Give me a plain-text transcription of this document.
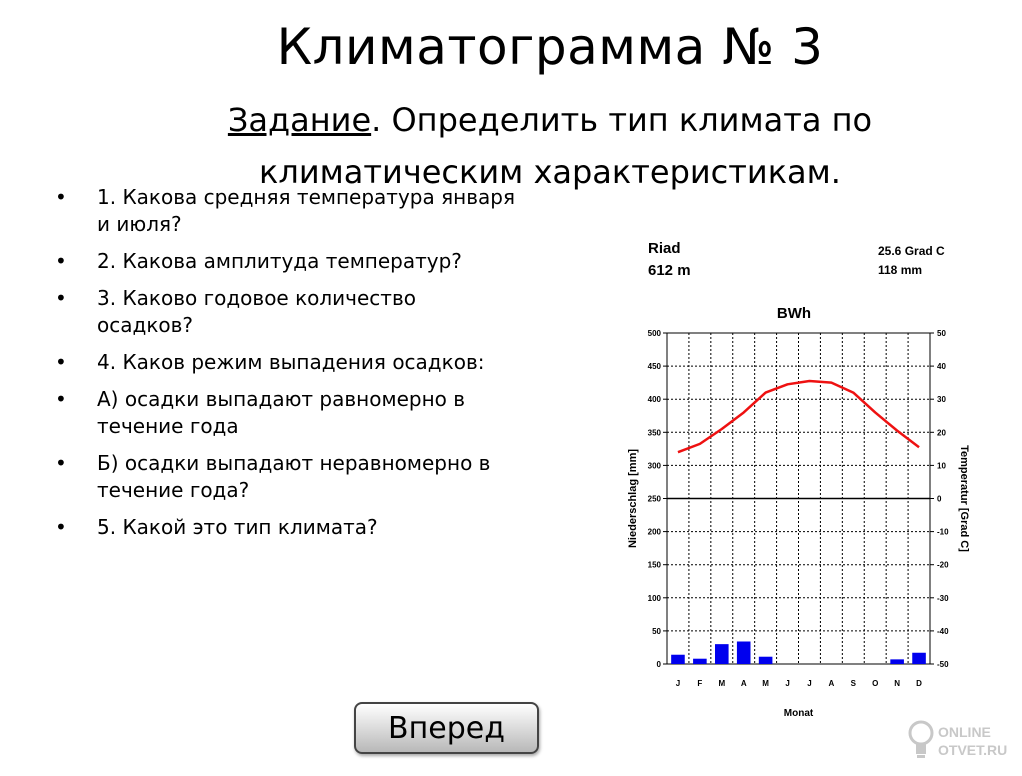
Климатограмма № 3
Задание. Определить тип климата по климатическим характеристикам.
• 1. Какова средняя температура января и июля?
• 2. Какова амплитуда температур?
• 3. Каково годовое количество осадков?
• 4. Каков режим выпадения осадков:
• А) осадки выпадают равномерно в течение года
• Б) осадки выпадают неравномерно в течение года?
• 5. Какой это тип климата?
Riad
612 m
25.6 Grad C
118 mm
BWh
500	50
450	40
400	30
350	20
300	10
250	0
200	-10
150	-20
100	-30
50	-40
0	-50
J F M A M J J A S O N D
Monat
Niederschlag [mm]	Temperatur [Grad C]
Вперед	ONLINE
OTVET.RU
